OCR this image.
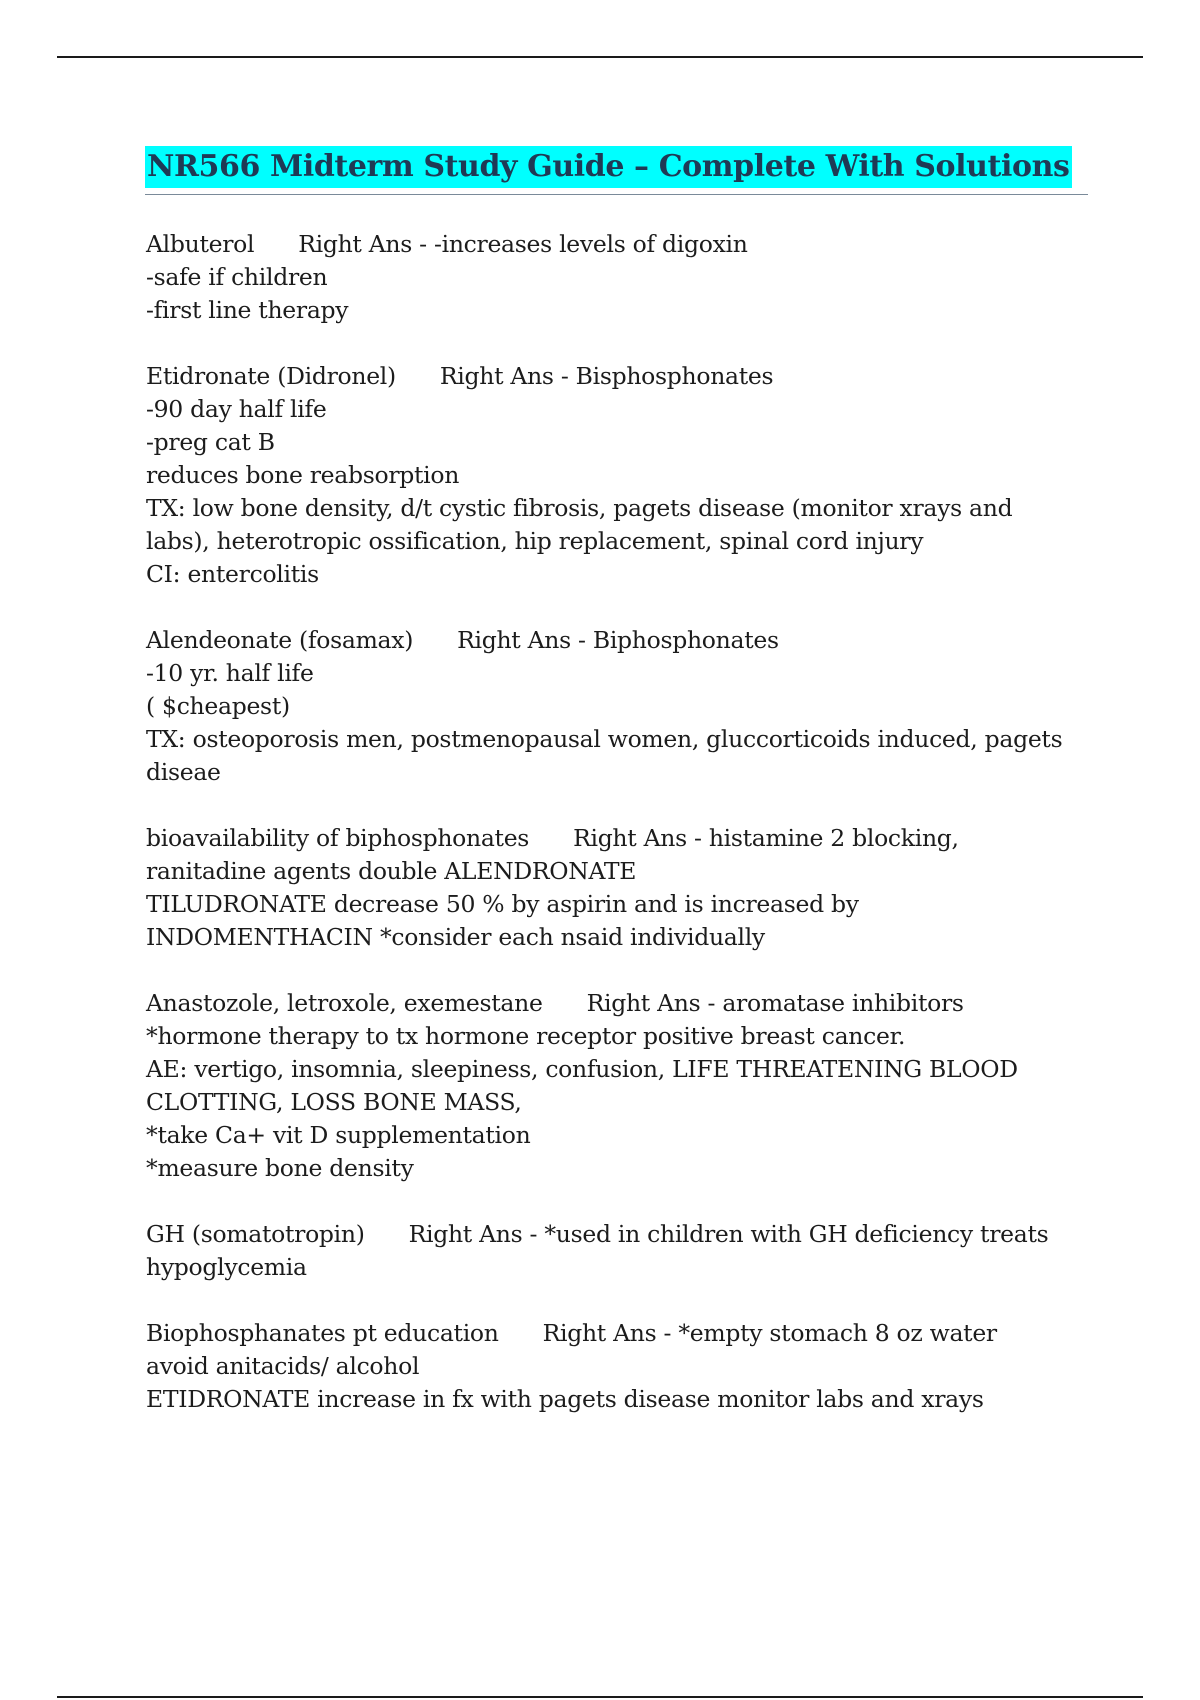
NR566 Midterm Study Guide – Complete With Solutions
Albuterol Right Ans - -increases levels of digoxin
-safe if children
-first line therapy
Etidronate (Didronel) Right Ans - Bisphosphonates
-90 day half life
-preg cat B
reduces bone reabsorption
TX: low bone density, d/t cystic fibrosis, pagets disease (monitor xrays and
labs), heterotropic ossification, hip replacement, spinal cord injury
CI: entercolitis
Alendeonate (fosamax) Right Ans - Biphosphonates
-10 yr. half life
( $cheapest)
TX: osteoporosis men, postmenopausal women, gluccorticoids induced, pagets
diseae
bioavailability of biphosphonates Right Ans - histamine 2 blocking,
ranitadine agents double ALENDRONATE
TILUDRONATE decrease 50 % by aspirin and is increased by
INDOMENTHACIN *consider each nsaid individually
Anastozole, letroxole, exemestane Right Ans - aromatase inhibitors
*hormone therapy to tx hormone receptor positive breast cancer.
AE: vertigo, insomnia, sleepiness, confusion, LIFE THREATENING BLOOD
CLOTTING, LOSS BONE MASS,
*take Ca+ vit D supplementation
*measure bone density
GH (somatotropin) Right Ans - *used in children with GH deficiency treats
hypoglycemia
Biophosphanates pt education Right Ans - *empty stomach 8 oz water
avoid anitacids/ alcohol
ETIDRONATE increase in fx with pagets disease monitor labs and xrays
